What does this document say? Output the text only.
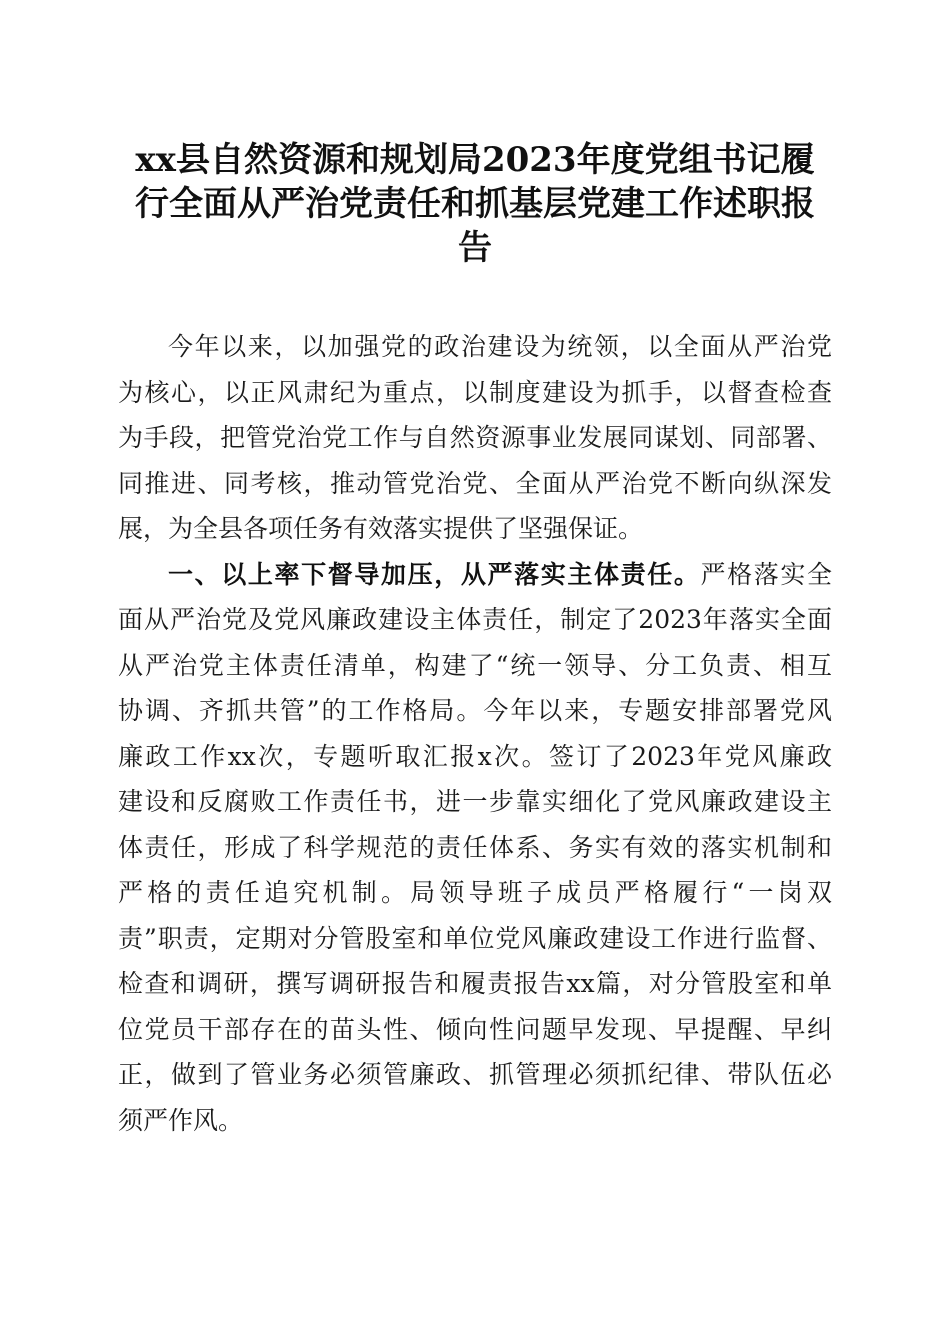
xx县自然资源和规划局2023年度党组书记履
行全面从严治党责任和抓基层党建工作述职报
告
今年以来，以加强党的政治建设为统领，以全面从严治党
为核心，以正风肃纪为重点，以制度建设为抓手，以督查检查
为手段，把管党治党工作与自然资源事业发展同谋划、同部署、
同推进、同考核，推动管党治党、全面从严治党不断向纵深发
展，为全县各项任务有效落实提供了坚强保证。
一、以上率下督导加压，从严落实主体责任。严格落实全
面从严治党及党风廉政建设主体责任，制定了2023年落实全面
从严治党主体责任清单，构建了“统一领导、分工负责、相互
协调、齐抓共管”的工作格局。今年以来，专题安排部署党风
廉政工作xx次，专题听取汇报x次。签订了2023年党风廉政
建设和反腐败工作责任书，进一步靠实细化了党风廉政建设主
体责任，形成了科学规范的责任体系、务实有效的落实机制和
严格的责任追究机制。局领导班子成员严格履行“一岗双
责”职责，定期对分管股室和单位党风廉政建设工作进行监督、
检查和调研，撰写调研报告和履责报告xx篇，对分管股室和单
位党员干部存在的苗头性、倾向性问题早发现、早提醒、早纠
正，做到了管业务必须管廉政、抓管理必须抓纪律、带队伍必
须严作风。
